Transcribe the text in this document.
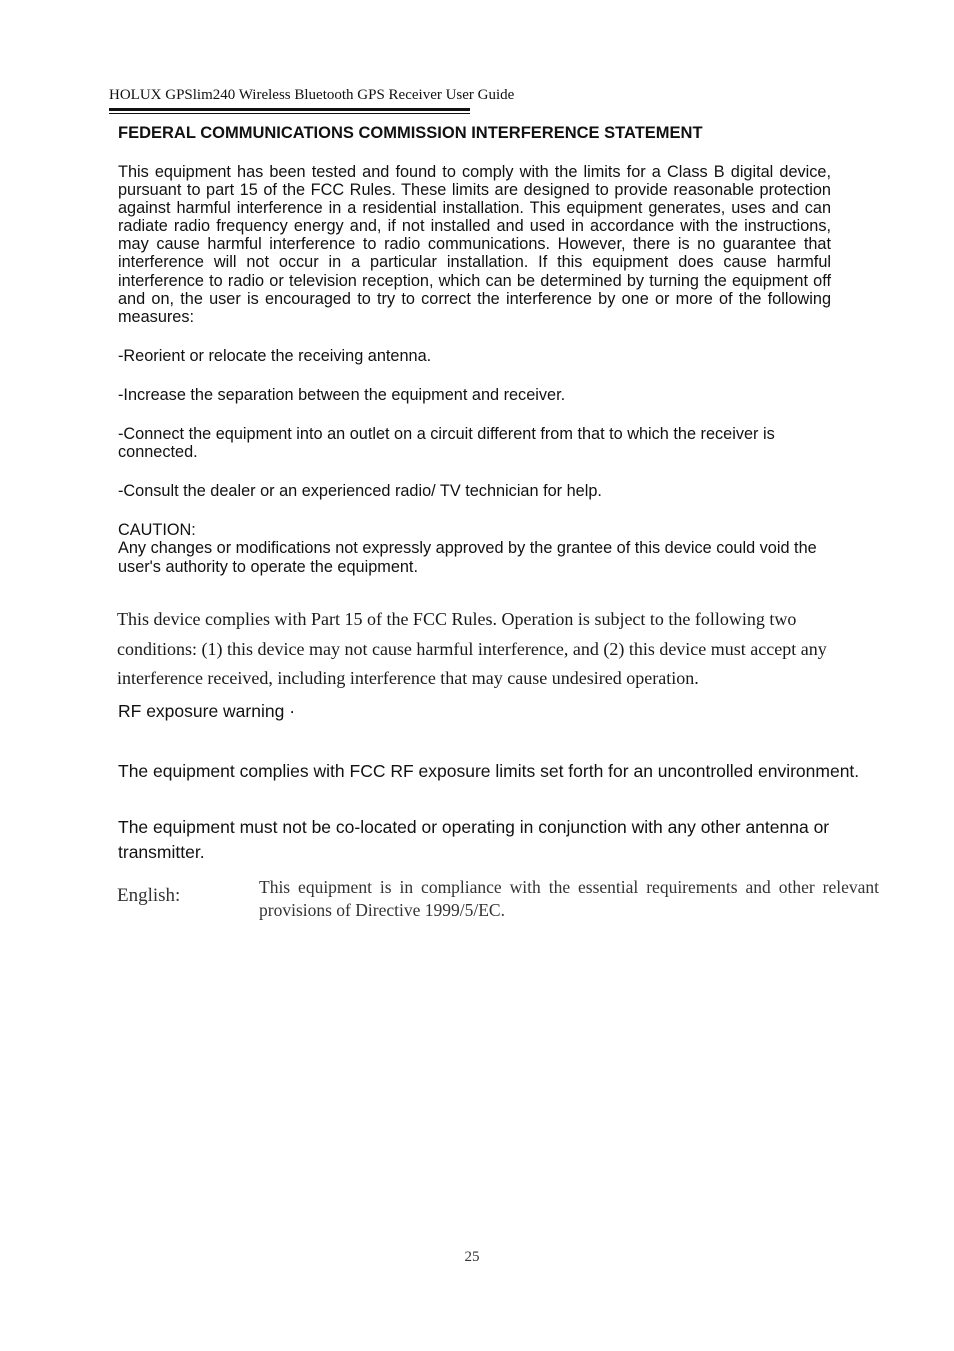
HOLUX GPSlim240 Wireless Bluetooth GPS Receiver User Guide
FEDERAL COMMUNICATIONS COMMISSION INTERFERENCE STATEMENT

This equipment has been tested and found to comply with the limits for a Class B digital device, pursuant to part 15 of the FCC Rules. These limits are designed to provide reasonable protection against harmful interference in a residential installation. This equipment generates, uses and can radiate radio frequency energy and, if not installed and used in accordance with the instructions, may cause harmful interference to radio communications. However, there is no guarantee that interference will not occur in a particular installation. If this equipment does cause harmful interference to radio or television reception, which can be determined by turning the equipment off and on, the user is encouraged to try to correct the interference by one or more of the following measures:

-Reorient or relocate the receiving antenna.

-Increase the separation between the equipment and receiver.

-Connect the equipment into an outlet on a circuit different from that to which the receiver is connected.

-Consult the dealer or an experienced radio/ TV technician for help.

CAUTION:
Any changes or modifications not expressly approved by the grantee of this device could void the user's authority to operate the equipment.

This device complies with Part 15 of the FCC Rules. Operation is subject to the following two conditions: (1) this device may not cause harmful interference, and (2) this device must accept any interference received, including interference that may cause undesired operation.

RF exposure warning ·

The equipment complies with FCC RF exposure limits set forth for an uncontrolled environment.

The equipment must not be co-located or operating in conjunction with any other antenna or transmitter.

English:	This equipment is in compliance with the essential requirements and other relevant provisions of Directive 1999/5/EC.

25
